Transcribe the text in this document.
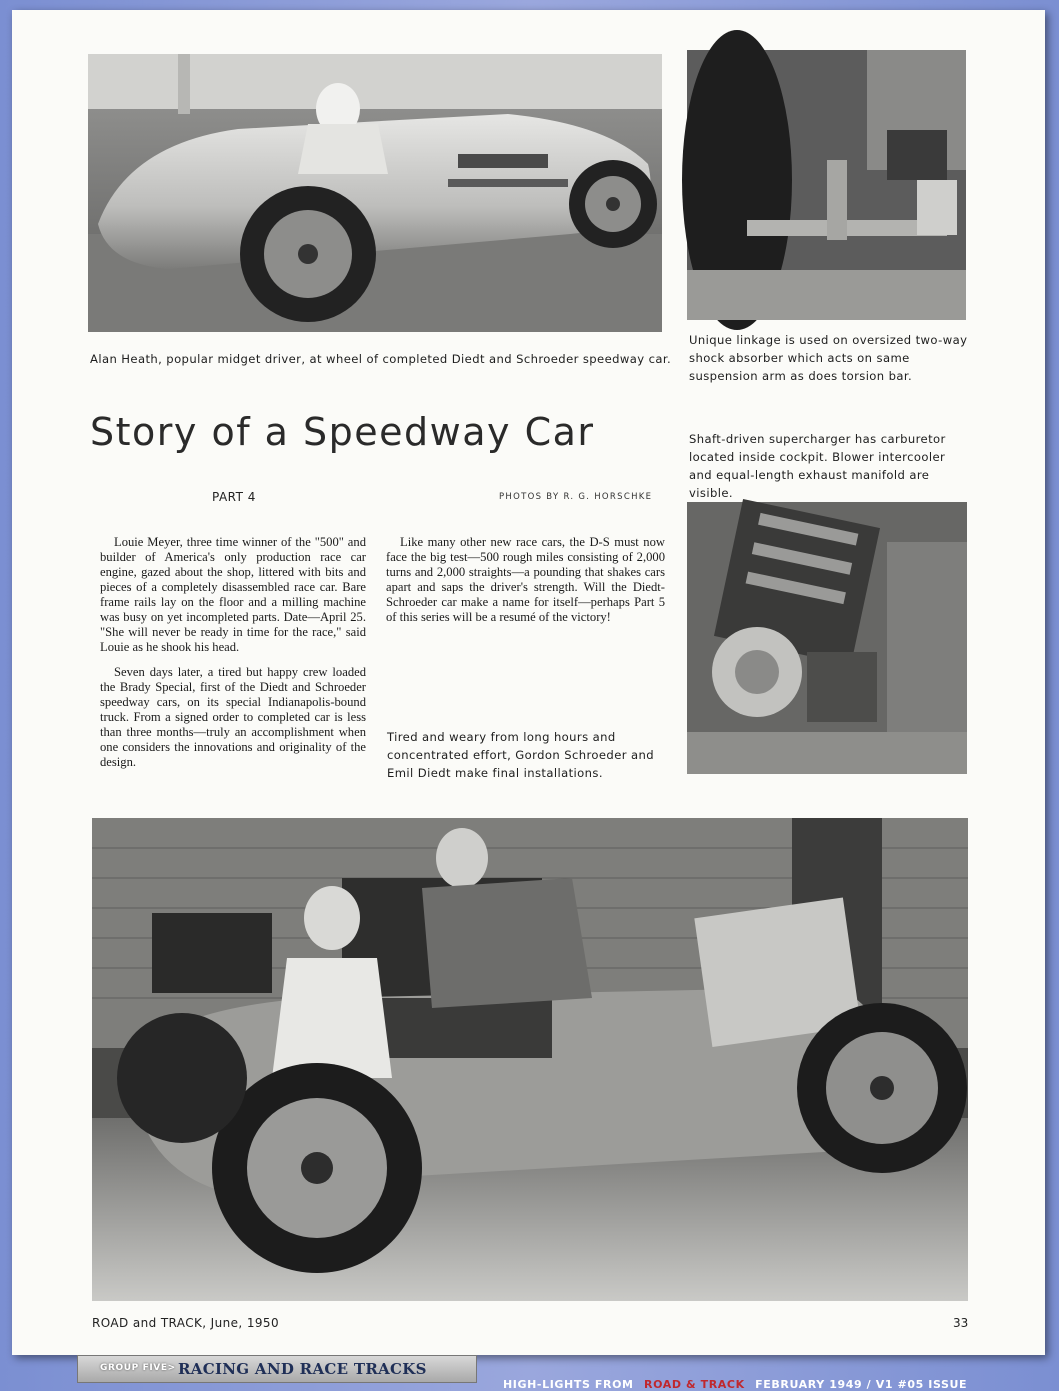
Alan Heath, popular midget driver, at wheel of completed Diedt and Schroeder speedway car.
Unique linkage is used on oversized two-way shock absorber which acts on same suspension arm as does torsion bar.
Story of a Speedway Car
PART 4	PHOTOS BY R. G. HORSCHKE
Shaft-driven supercharger has carburetor located inside cockpit. Blower intercooler and equal-length exhaust manifold are visible.

Louie Meyer, three time winner of the "500" and builder of America's only production race car engine, gazed about the shop, littered with bits and pieces of a completely disassembled race car. Bare frame rails lay on the floor and a milling machine was busy on yet incompleted parts. Date—April 25. "She will never be ready in time for the race," said Louie as he shook his head.

Seven days later, a tired but happy crew loaded the Brady Special, first of the Diedt and Schroeder speedway cars, on its special Indianapolis-bound truck. From a signed order to completed car is less than three months—truly an accomplishment when one considers the innovations and originality of the design.

Like many other new race cars, the D-S must now face the big test—500 rough miles consisting of 2,000 turns and 2,000 straights—a pounding that shakes cars apart and saps the driver's strength. Will the Diedt-Schroeder car make a name for itself—perhaps Part 5 of this series will be a resumé of the victory!

Tired and weary from long hours and concentrated effort, Gordon Schroeder and Emil Diedt make final installations.
ROAD and TRACK, June, 1950	33
GROUP FIVE> RACING AND RACE TRACKS
HIGH-LIGHTS FROM ROAD & TRACK FEBRUARY 1949 / V1 #05 ISSUE
